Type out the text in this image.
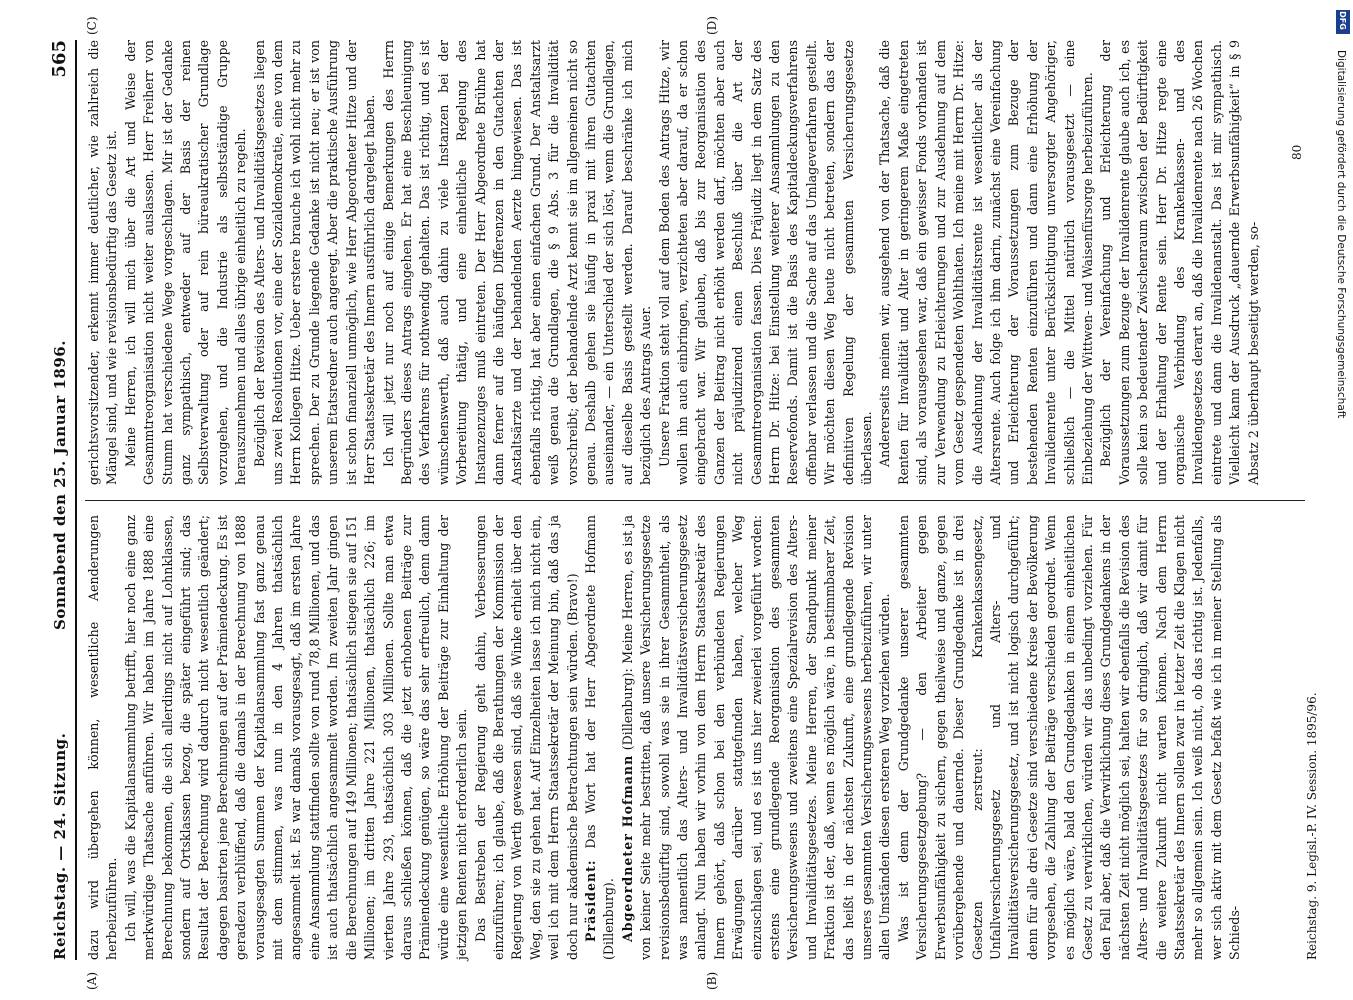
Reichstag. — 24. Sitzung.
Sonnabend den 25. Januar 1896.
565
(A)	(B)
(C)	(D)

dazu wird übergehen können, wesentliche Aenderungen herbeizuführen. Ich will, was die Kapitalansammlung betrifft, hier noch eine ganz merkwürdige Thatsache anführen. Wir haben im Jahre 1888 eine Berechnung bekommen, die sich allerdings nicht auf Lohnklassen, sondern auf Ortsklassen bezog, die später eingeführt sind; das Resultat der Berechnung wird dadurch nicht wesentlich geändert; dagegen basirten jene Berechnungen auf der Prämiendeckung. Es ist geradezu verblüffend, daß die damals in der Berechnung von 1888 vorausgesagten Summen der Kapitalansammlung fast ganz genau mit dem stimmen, was nun in den 4 Jahren thatsächlich angesammelt ist. Es war damals vorausgesagt, daß im ersten Jahre eine Ansammlung stattfinden sollte von rund 78,8 Millionen, und das ist auch thatsächlich angesammelt worden. Im zweiten Jahr gingen die Berechnungen auf 149 Millionen; thatsächlich stiegen sie auf 151 Millionen; im dritten Jahre 221 Millionen, thatsächlich 226; im vierten Jahre 293, thatsächlich 303 Millionen. Sollte man etwa daraus schließen können, daß die jetzt erhobenen Beiträge zur Prämiendeckung genügen, so wäre das sehr erfreulich, denn dann würde eine wesentliche Erhöhung der Beiträge zur Einhaltung der jetzigen Renten nicht erforderlich sein. Das Bestreben der Regierung geht dahin, Verbesserungen einzuführen; ich glaube, daß die Berathungen der Kommission der Regierung von Werth gewesen sind, daß sie Winke erhielt über den Weg, den sie zu gehen hat. Auf Einzelheiten lasse ich mich nicht ein, weil ich mit dem Herrn Staatssekretär der Meinung bin, daß das ja doch nur akademische Betrachtungen sein würden. (Bravo!) Präsident: Das Wort hat der Herr Abgeordnete Hofmann (Dillenburg). Abgeordneter Hofmann (Dillenburg): Meine Herren, es ist ja von keiner Seite mehr bestritten, daß unsere Versicherungsgesetze revisionsbedürftig sind, sowohl was sie in ihrer Gesammtheit, als was namentlich das Alters- und Invaliditätsversicherungsgesetz anlangt. Nun haben wir vorhin von dem Herrn Staatssekretär des Innern gehört, daß schon bei den verbündeten Regierungen Erwägungen darüber stattgefunden haben, welcher Weg einzuschlagen sei, und es ist uns hier zweierlei vorgeführt worden: erstens eine grundlegende Reorganisation des gesammten Versicherungswesens und zweitens eine Spezialrevision des Alters- und Invaliditätsgesetzes. Meine Herren, der Standpunkt meiner Fraktion ist der, daß, wenn es möglich wäre, in bestimmbarer Zeit, das heißt in der nächsten Zukunft, eine grundlegende Revision unseres gesammten Versicherungswesens herbeizuführen, wir unter allen Umständen diesen ersteren Weg vorziehen würden. Was ist denn der Grundgedanke unserer gesammten Versicherungsgesetzgebung? — den Arbeiter gegen Erwerbsunfähigkeit zu sichern, gegen theilweise und ganze, gegen vorübergehende und dauernde. Dieser Grundgedanke ist in drei Gesetzen zerstreut: Krankenkassengesetz, Unfallversicherungsgesetz und Alters- und Invaliditätsversicherungsgesetz, und ist nicht logisch durchgeführt; denn für alle drei Gesetze sind verschiedene Kreise der Bevölkerung vorgesehen, die Zahlung der Beiträge verschieden geordnet. Wenn es möglich wäre, bald den Grundgedanken in einem einheitlichen Gesetz zu verwirklichen, würden wir das unbedingt vorziehen. Für den Fall aber, daß die Verwirklichung dieses Grundgedankens in der nächsten Zeit nicht möglich sei, halten wir ebenfalls die Revision des Alters- und Invaliditätsgesetzes für so dringlich, daß wir damit für die weitere Zukunft nicht warten können. Nach dem Herrn Staatssekretär des Innern sollen zwar in letzter Zeit die Klagen nicht mehr so allgemein sein. Ich weiß nicht, ob das richtig ist. Jedenfalls, wer sich aktiv mit dem Gesetz befaßt wie ich in meiner Stellung als Schieds-

gerichtsvorsitzender, erkennt immer deutlicher, wie zahlreich die Mängel sind, und wie revisionsbedürftig das Gesetz ist. Meine Herren, ich will mich über die Art und Weise der Gesammtreorganisation nicht weiter auslassen. Herr Freiherr von Stumm hat verschiedene Wege vorgeschlagen. Mir ist der Gedanke ganz sympathisch, entweder auf der Basis der reinen Selbstverwaltung oder auf rein büreaukratischer Grundlage vorzugehen, und die Industrie als selbstständige Gruppe herauszunehmen und alles übrige einheitlich zu regeln. Bezüglich der Revision des Alters- und Invaliditätsgesetzes liegen uns zwei Resolutionen vor, eine der Sozialdemokratie, eine von dem Herrn Kollegen Hitze. Ueber erstere brauche ich wohl nicht mehr zu sprechen. Der zu Grunde liegende Gedanke ist nicht neu; er ist von unserem Etatsredner auch angeregt. Aber die praktische Ausführung ist schon finanziell unmöglich, wie Herr Abgeordneter Hitze und der Herr Staatssekretär des Innern ausführlich dargelegt haben. Ich will jetzt nur noch auf einige Bemerkungen des Herrn Begründers dieses Antrags eingehen. Er hat eine Beschleunigung des Verfahrens für nothwendig gehalten. Das ist richtig, und es ist wünschenswerth, daß auch dahin zu viele Instanzen bei der Vorbereitung thätig, und eine einheitliche Regelung des Instanzenzuges muß eintreten. Der Herr Abgeordnete Brühne hat dann ferner auf die häufigen Differenzen in den Gutachten der Anstaltsärzte und der behandelnden Aerzte hingewiesen. Das ist ebenfalls richtig, hat aber einen einfachen Grund. Der Anstaltsarzt weiß genau die Grundlagen, die § 9 Abs. 3 für die Invalidität vorschreibt; der behandelnde Arzt kennt sie im allgemeinen nicht so genau. Deshalb gehen sie häufig in praxi mit ihren Gutachten auseinander, — ein Unterschied der sich löst, wenn die Grundlagen, auf dieselbe Basis gestellt werden. Darauf beschränke ich mich bezüglich des Antrags Auer. Unsere Fraktion steht voll auf dem Boden des Antrags Hitze, wir wollen ihn auch einbringen, verzichteten aber darauf, da er schon eingebracht war. Wir glauben, daß bis zur Reorganisation des Ganzen der Beitrag nicht erhöht werden darf, möchten aber auch nicht präjudizirend einen Beschluß über die Art der Gesammtreorganisation fassen. Dies Präjudiz liegt in dem Satz des Herrn Dr. Hitze: bei Einstellung weiterer Ansammlungen zu den Reservefonds. Damit ist die Basis des Kapitaldeckungsverfahrens offenbar verlassen und die Sache auf das Umlageverfahren gestellt. Wir möchten diesen Weg heute nicht betreten, sondern das der definitiven Regelung der gesammten Versicherungsgesetze überlassen. Andererseits meinen wir, ausgehend von der Thatsache, daß die Renten für Invalidität und Alter in geringerem Maße eingetreten sind, als vorausgesehen war, daß ein gewisser Fonds vorhanden ist zur Verwendung zu Erleichterungen und zur Ausdehnung auf dem vom Gesetz gespendeten Wohlthaten. Ich meine mit Herrn Dr. Hitze: die Ausdehnung der Invaliditätsrente ist wesentlicher als der Altersrente. Auch folge ich ihm darin, zunächst eine Vereinfachung und Erleichterung der Voraussetzungen zum Bezuge der bestehenden Renten einzuführen und dann eine Erhöhung der Invalidenrente unter Berücksichtigung unversorgter Angehöriger, schließlich — die Mittel natürlich vorausgesetzt — eine Einbeziehung der Wittwen- und Waisenfürsorge herbeizuführen. Bezüglich der Vereinfachung und Erleichterung der Voraussetzungen zum Bezuge der Invalidenrente glaube auch ich, es solle kein so bedeutender Zwischenraum zwischen der Bedürftigkeit und der Erhaltung der Rente sein. Herr Dr. Hitze regte eine organische Verbindung des Krankenkassen- und des Invalidengesetzes derart an, daß die Invalidenrente nach 26 Wochen eintrete und dann die Invalidenanstalt. Das ist mir sympathisch. Vielleicht kann der Ausdruck „dauernde Erwerbsunfähigkeit“ in § 9 Absatz 2 überhaupt beseitigt werden, so-

80
Reichstag. 9. Legisl.-P. IV. Session. 1895/96.
DFG
Digitalisierung gefördert durch die Deutsche Forschungsgemeinschaft
